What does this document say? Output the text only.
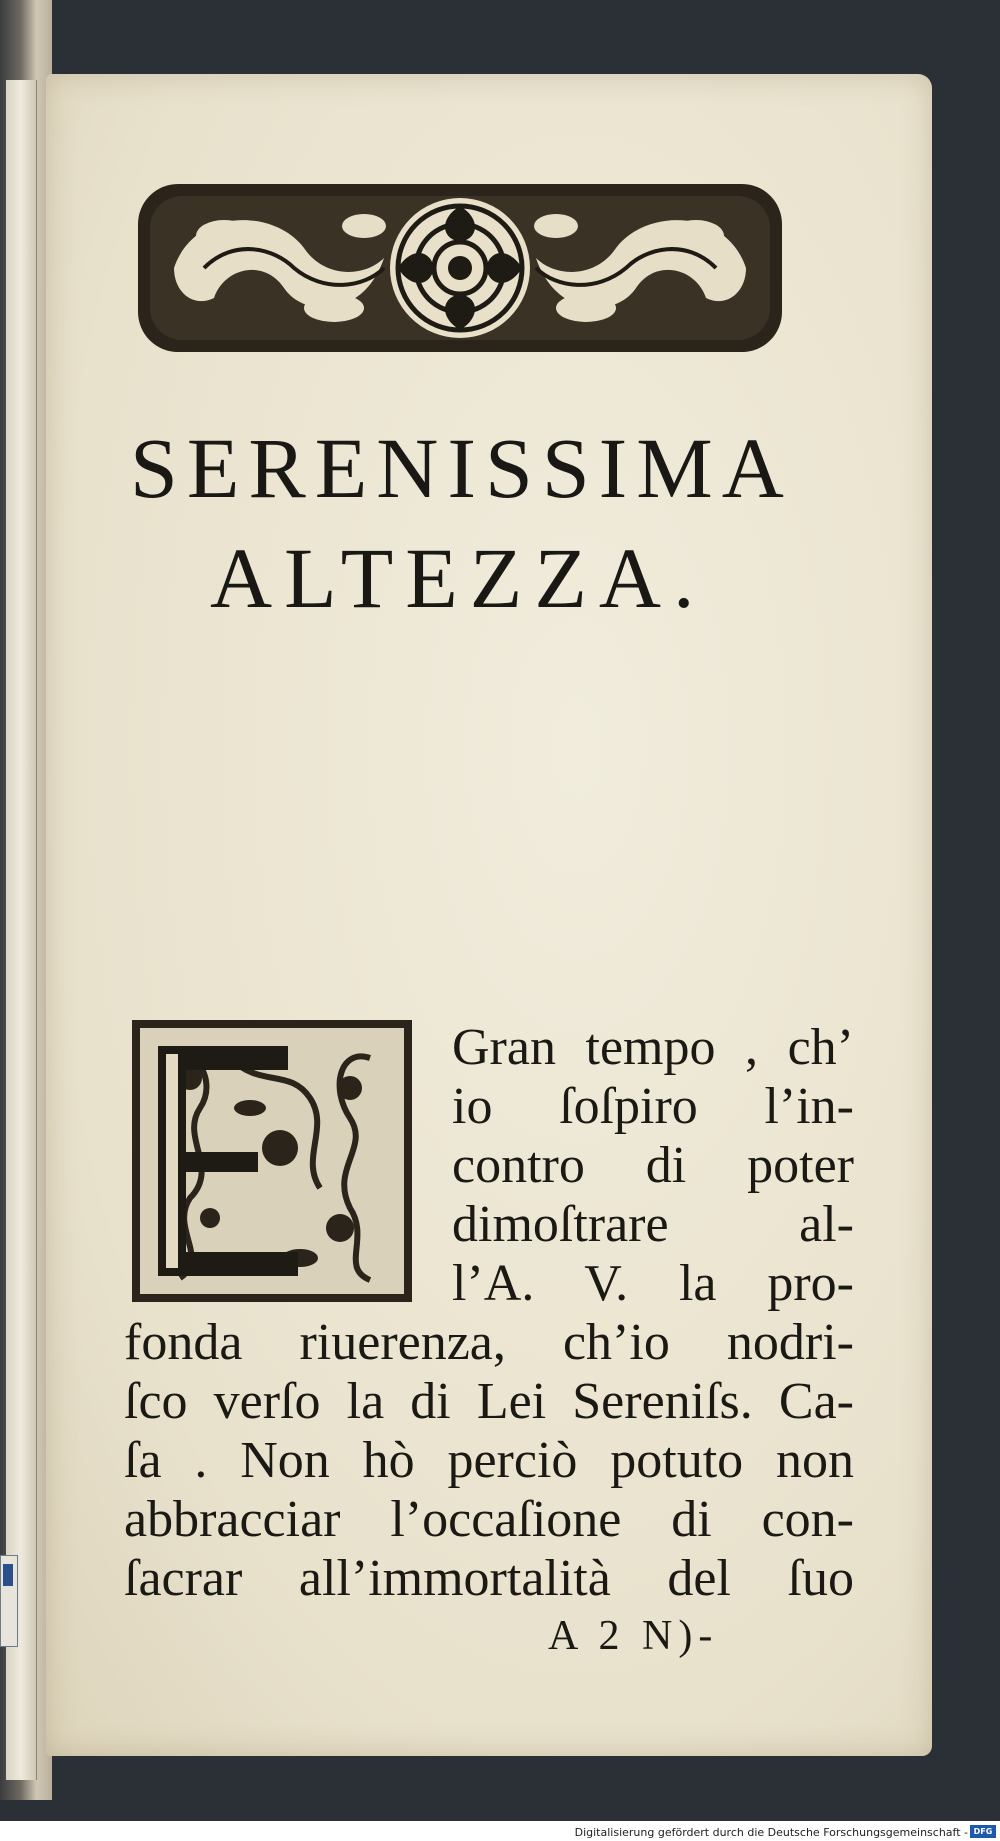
SERENISSIMA
ALTEZZA.
Gran tempo , ch’
io ſoſpiro l’in-
contro di poter
dimoſtrare al-
l’A. V. la pro-
fonda riuerenza, ch’io nodri-
ſco verſo la di Lei Sereniſs. Ca-
ſa . Non hò perciò potuto non
abbracciar l’occaſione di con-
ſacrar all’immortalità del ſuo
A 2 N)-
Digitalisierung gefördert durch die Deutsche Forschungsgemeinschaft - DFG
